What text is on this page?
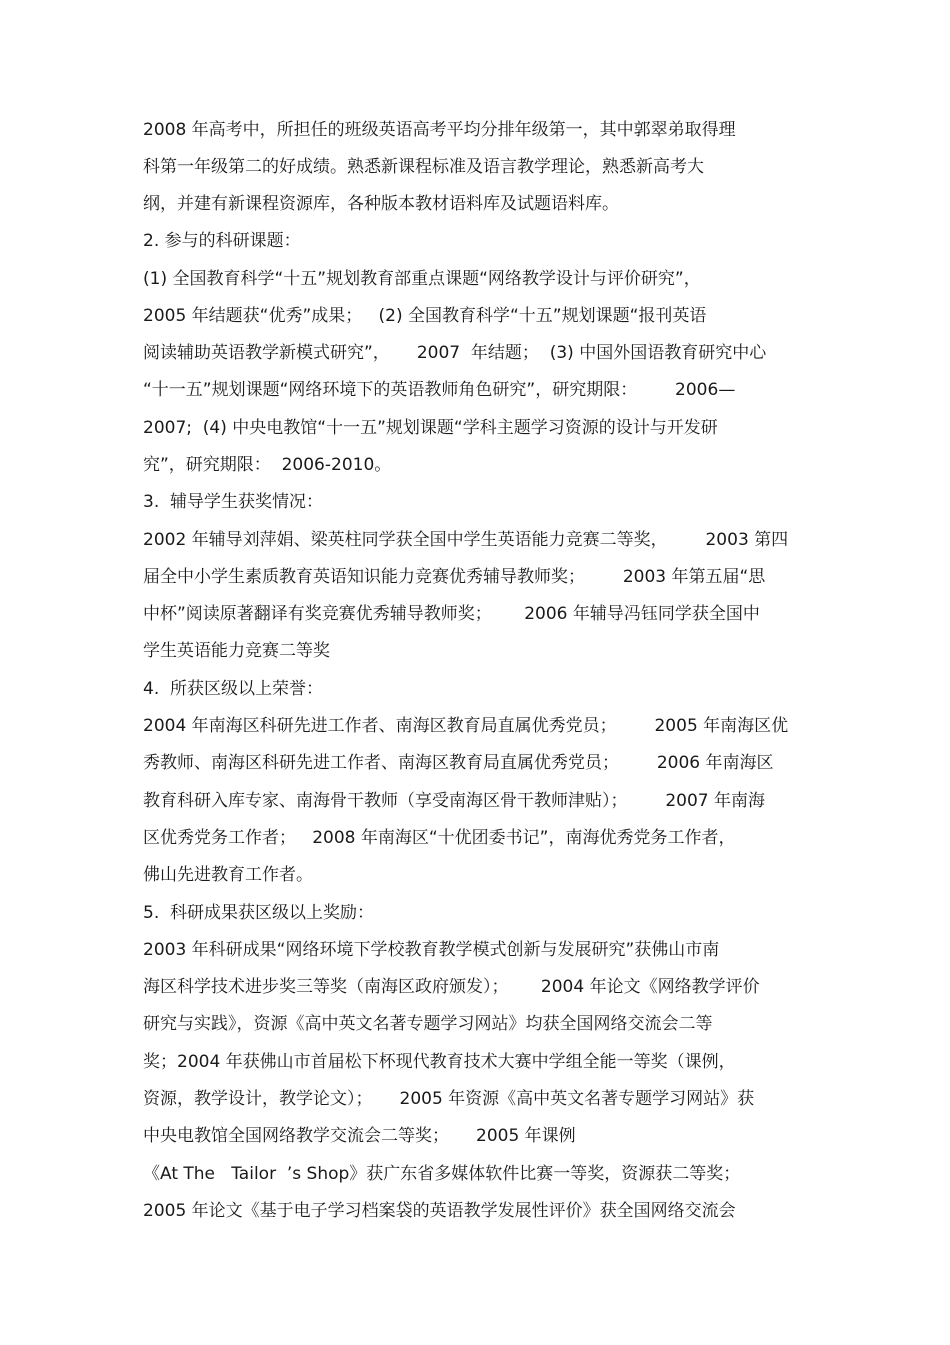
2008 年高考中，所担任的班级英语高考平均分排年级第一，其中郭翠弟取得理

科第一年级第二的好成绩。熟悉新课程标准及语言教学理论，熟悉新高考大

纲，并建有新课程资源库，各种版本教材语料库及试题语料库。

2. 参与的科研课题：

(1) 全国教育科学“十五”规划教育部重点课题“网络教学设计与评价研究”，

2005 年结题获“优秀”成果；   (2) 全国教育科学“十五”规划课题“报刊英语

阅读辅助英语教学新模式研究”，     2007  年结题；  (3) 中国外国语教育研究中心

“十一五”规划课题“网络环境下的英语教师角色研究”，研究期限：       2006—

2007;  (4) 中央电教馆“十一五”规划课题“学科主题学习资源的设计与开发研

究”，研究期限：  2006-2010。

3.  辅导学生获奖情况：

2002 年辅导刘萍娟、梁英柱同学获全国中学生英语能力竞赛二等奖，       2003 第四

届全中小学生素质教育英语知识能力竞赛优秀辅导教师奖；       2003 年第五届“思

中杯”阅读原著翻译有奖竞赛优秀辅导教师奖；      2006 年辅导冯钰同学获全国中

学生英语能力竞赛二等奖

4.  所获区级以上荣誉：

2004 年南海区科研先进工作者、南海区教育局直属优秀党员；       2005 年南海区优

秀教师、南海区科研先进工作者、南海区教育局直属优秀党员；       2006 年南海区

教育科研入库专家、南海骨干教师（享受南海区骨干教师津贴）；       2007 年南海

区优秀党务工作者；   2008 年南海区“十优团委书记”，南海优秀党务工作者，

佛山先进教育工作者。

5.  科研成果获区级以上奖励：

2003 年科研成果“网络环境下学校教育教学模式创新与发展研究”获佛山市南

海区科学技术进步奖三等奖（南海区政府颁发）；      2004 年论文《网络教学评价

研究与实践》，资源《高中英文名著专题学习网站》均获全国网络交流会二等

奖；2004 年获佛山市首届松下杯现代教育技术大赛中学组全能一等奖（课例，

资源，教学设计，教学论文）；     2005 年资源《高中英文名著专题学习网站》获

中央电教馆全国网络教学交流会二等奖；     2005 年课例

《At The   Tailor  ’s Shop》获广东省多媒体软件比赛一等奖，资源获二等奖；

2005 年论文《基于电子学习档案袋的英语教学发展性评价》获全国网络交流会
